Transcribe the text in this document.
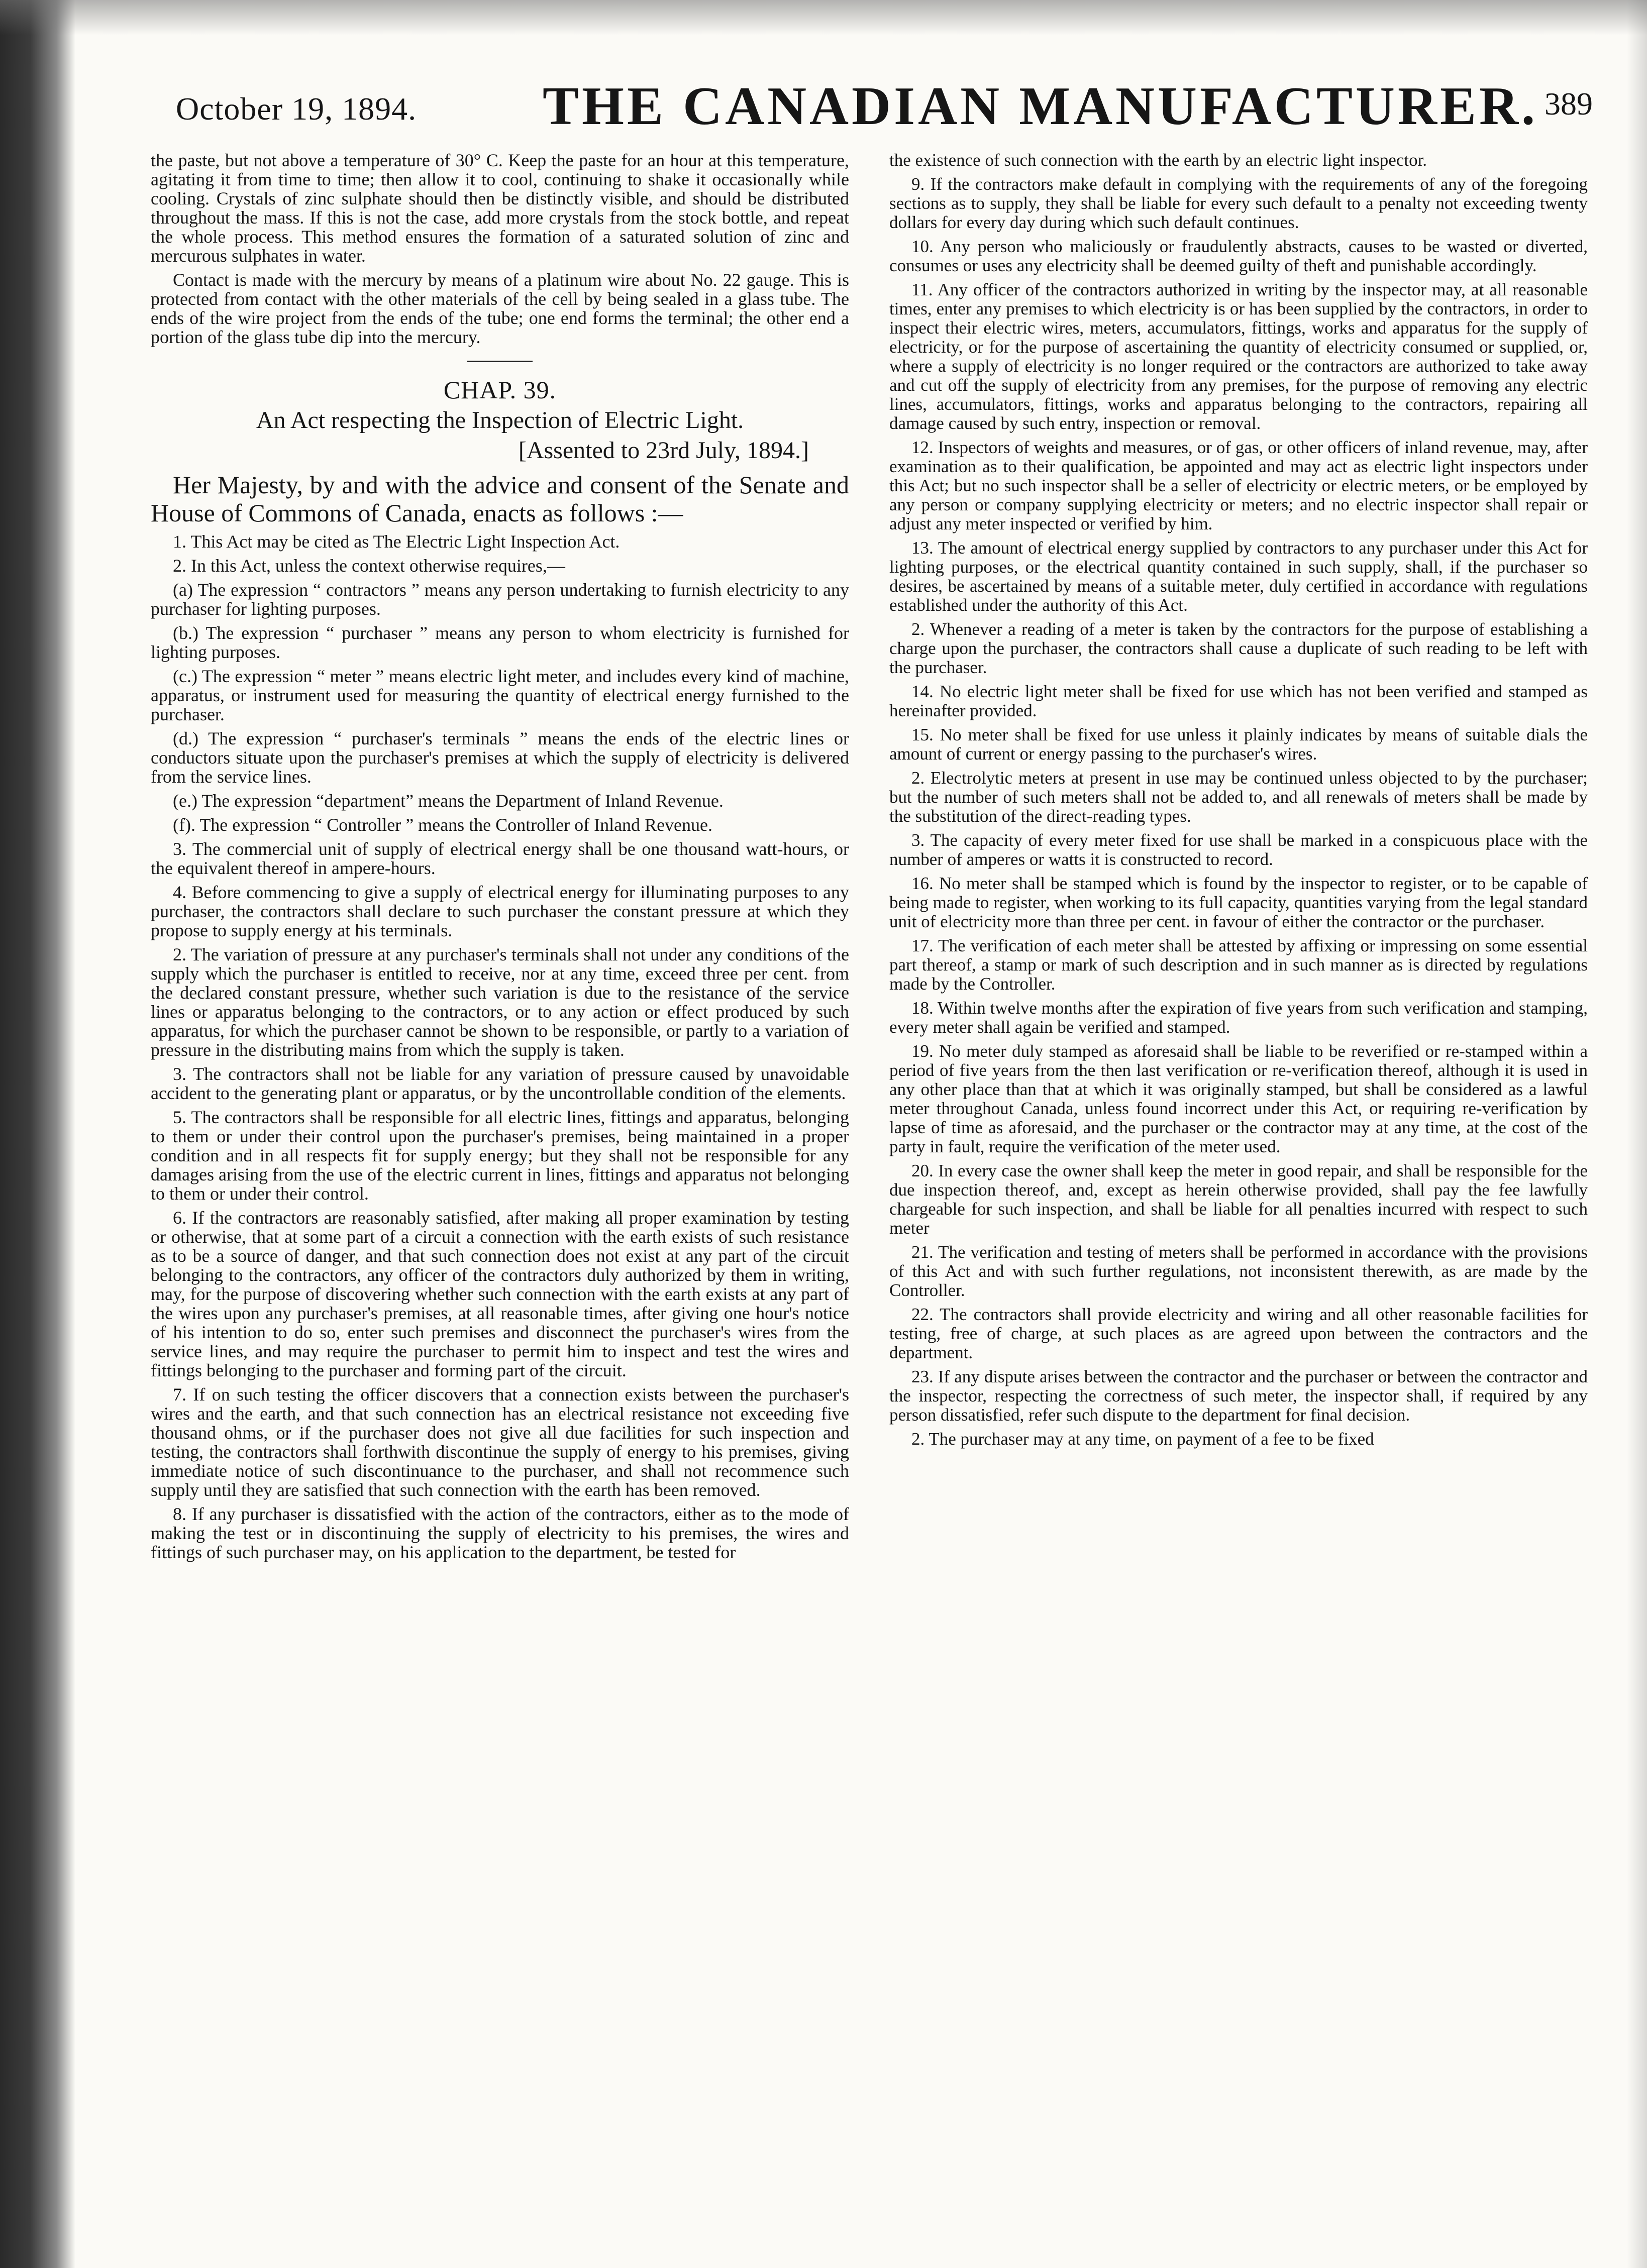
October 19, 1894. THE CANADIAN MANUFACTURER. 389

the paste, but not above a temperature of 30° C. Keep the paste for an hour at this temperature, agitating it from time to time; then allow it to cool, continuing to shake it occasionally while cooling. Crystals of zinc sulphate should then be distinctly visible, and should be distributed throughout the mass. If this is not the case, add more crystals from the stock bottle, and repeat the whole process. This method ensures the formation of a saturated solution of zinc and mercurous sulphates in water.

Contact is made with the mercury by means of a platinum wire about No. 22 gauge. This is protected from contact with the other materials of the cell by being sealed in a glass tube. The ends of the wire project from the ends of the tube; one end forms the terminal; the other end a portion of the glass tube dip into the mercury.

CHAP. 39.
An Act respecting the Inspection of Electric Light.
[Assented to 23rd July, 1894.]

Her Majesty, by and with the advice and consent of the Senate and House of Commons of Canada, enacts as follows :—

1. This Act may be cited as The Electric Light Inspection Act.

2. In this Act, unless the context otherwise requires,—

(a) The expression “ contractors ” means any person undertaking to furnish electricity to any purchaser for lighting purposes.

(b.) The expression “ purchaser ” means any person to whom electricity is furnished for lighting purposes.

(c.) The expression “ meter ” means electric light meter, and includes every kind of machine, apparatus, or instrument used for measuring the quantity of electrical energy furnished to the purchaser.

(d.) The expression “ purchaser's terminals ” means the ends of the electric lines or conductors situate upon the purchaser's premises at which the supply of electricity is delivered from the service lines.

(e.) The expression “department” means the Department of Inland Revenue.

(f). The expression “ Controller ” means the Controller of Inland Revenue.

3. The commercial unit of supply of electrical energy shall be one thousand watt-hours, or the equivalent thereof in ampere-hours.

4. Before commencing to give a supply of electrical energy for illuminating purposes to any purchaser, the contractors shall declare to such purchaser the constant pressure at which they propose to supply energy at his terminals.

2. The variation of pressure at any purchaser's terminals shall not under any conditions of the supply which the purchaser is entitled to receive, nor at any time, exceed three per cent. from the declared constant pressure, whether such variation is due to the resistance of the service lines or apparatus belonging to the contractors, or to any action or effect produced by such apparatus, for which the purchaser cannot be shown to be responsible, or partly to a variation of pressure in the distributing mains from which the supply is taken.

3. The contractors shall not be liable for any variation of pressure caused by unavoidable accident to the generating plant or apparatus, or by the uncontrollable condition of the elements.

5. The contractors shall be responsible for all electric lines, fittings and apparatus, belonging to them or under their control upon the purchaser's premises, being maintained in a proper condition and in all respects fit for supply energy; but they shall not be responsible for any damages arising from the use of the electric current in lines, fittings and apparatus not belonging to them or under their control.

6. If the contractors are reasonably satisfied, after making all proper examination by testing or otherwise, that at some part of a circuit a connection with the earth exists of such resistance as to be a source of danger, and that such connection does not exist at any part of the circuit belonging to the contractors, any officer of the contractors duly authorized by them in writing, may, for the purpose of discovering whether such connection with the earth exists at any part of the wires upon any purchaser's premises, at all reasonable times, after giving one hour's notice of his intention to do so, enter such premises and disconnect the purchaser's wires from the service lines, and may require the purchaser to permit him to inspect and test the wires and fittings belonging to the purchaser and forming part of the circuit.

7. If on such testing the officer discovers that a connection exists between the purchaser's wires and the earth, and that such connection has an electrical resistance not exceeding five thousand ohms, or if the purchaser does not give all due facilities for such inspection and testing, the contractors shall forthwith discontinue the supply of energy to his premises, giving immediate notice of such discontinuance to the purchaser, and shall not recommence such supply until they are satisfied that such connection with the earth has been removed.

8. If any purchaser is dissatisfied with the action of the contractors, either as to the mode of making the test or in discontinuing the supply of electricity to his premises, the wires and fittings of such purchaser may, on his application to the department, be tested for

the existence of such connection with the earth by an electric light inspector.

9. If the contractors make default in complying with the requirements of any of the foregoing sections as to supply, they shall be liable for every such default to a penalty not exceeding twenty dollars for every day during which such default continues.

10. Any person who maliciously or fraudulently abstracts, causes to be wasted or diverted, consumes or uses any electricity shall be deemed guilty of theft and punishable accordingly.

11. Any officer of the contractors authorized in writing by the inspector may, at all reasonable times, enter any premises to which electricity is or has been supplied by the contractors, in order to inspect their electric wires, meters, accumulators, fittings, works and apparatus for the supply of electricity, or for the purpose of ascertaining the quantity of electricity consumed or supplied, or, where a supply of electricity is no longer required or the contractors are authorized to take away and cut off the supply of electricity from any premises, for the purpose of removing any electric lines, accumulators, fittings, works and apparatus belonging to the contractors, repairing all damage caused by such entry, inspection or removal.

12. Inspectors of weights and measures, or of gas, or other officers of inland revenue, may, after examination as to their qualification, be appointed and may act as electric light inspectors under this Act; but no such inspector shall be a seller of electricity or electric meters, or be employed by any person or company supplying electricity or meters; and no electric inspector shall repair or adjust any meter inspected or verified by him.

13. The amount of electrical energy supplied by contractors to any purchaser under this Act for lighting purposes, or the electrical quantity contained in such supply, shall, if the purchaser so desires, be ascertained by means of a suitable meter, duly certified in accordance with regulations established under the authority of this Act.

2. Whenever a reading of a meter is taken by the contractors for the purpose of establishing a charge upon the purchaser, the contractors shall cause a duplicate of such reading to be left with the purchaser.

14. No electric light meter shall be fixed for use which has not been verified and stamped as hereinafter provided.

15. No meter shall be fixed for use unless it plainly indicates by means of suitable dials the amount of current or energy passing to the purchaser's wires.

2. Electrolytic meters at present in use may be continued unless objected to by the purchaser; but the number of such meters shall not be added to, and all renewals of meters shall be made by the substitution of the direct-reading types.

3. The capacity of every meter fixed for use shall be marked in a conspicuous place with the number of amperes or watts it is constructed to record.

16. No meter shall be stamped which is found by the inspector to register, or to be capable of being made to register, when working to its full capacity, quantities varying from the legal standard unit of electricity more than three per cent. in favour of either the contractor or the purchaser.

17. The verification of each meter shall be attested by affixing or impressing on some essential part thereof, a stamp or mark of such description and in such manner as is directed by regulations made by the Controller.

18. Within twelve months after the expiration of five years from such verification and stamping, every meter shall again be verified and stamped.

19. No meter duly stamped as aforesaid shall be liable to be reverified or re-stamped within a period of five years from the then last verification or re-verification thereof, although it is used in any other place than that at which it was originally stamped, but shall be considered as a lawful meter throughout Canada, unless found incorrect under this Act, or requiring re-verification by lapse of time as aforesaid, and the purchaser or the contractor may at any time, at the cost of the party in fault, require the verification of the meter used.

20. In every case the owner shall keep the meter in good repair, and shall be responsible for the due inspection thereof, and, except as herein otherwise provided, shall pay the fee lawfully chargeable for such inspection, and shall be liable for all penalties incurred with respect to such meter

21. The verification and testing of meters shall be performed in accordance with the provisions of this Act and with such further regulations, not inconsistent therewith, as are made by the Controller.

22. The contractors shall provide electricity and wiring and all other reasonable facilities for testing, free of charge, at such places as are agreed upon between the contractors and the department.

23. If any dispute arises between the contractor and the purchaser or between the contractor and the inspector, respecting the correctness of such meter, the inspector shall, if required by any person dissatisfied, refer such dispute to the department for final decision.

2. The purchaser may at any time, on payment of a fee to be fixed
